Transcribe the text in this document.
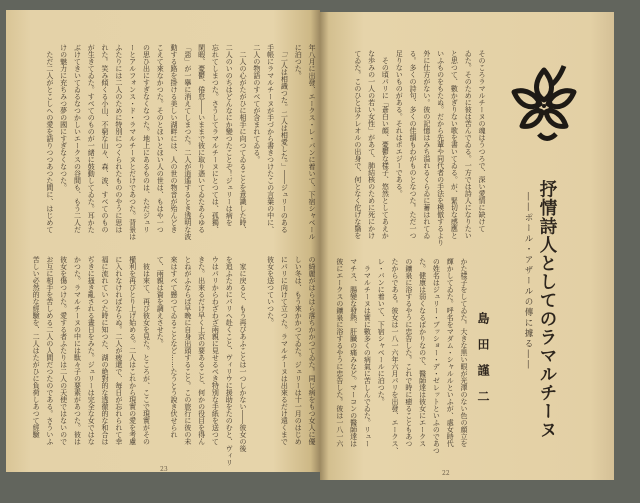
年八月に出發、エークス・レ・バンに着いて、下宿シャベール
に泊つた。
　「二人は相識つた。二人は相愛した。」――ジュリーのある
手帳にラマルチーヌが手づから書きつけたこの言葉の中に、
二人の物語のすべてが含まれてゐる。
　二人の心がたがひに相手に向つてゐることを意識した時、
二人のいのちはどんなにか變つたことぞ！ジュリーは病を
忘れてしまつた。さうしてラマルチーヌにとつては、孤獨、
閑暇、憂鬱、倦怠――いままで彼に取り憑いてゐたあらゆる
「惡」が一擧に消えてしまつた。二人が逍遙するとき透明な波
動する路を掛ける美しい湖畔には、人の世の物音が殆んどき
こえて來なかつた。そのとほいとほい人の世は、もはや一つ
の思ひ出にすぎなくなつた。地上にあるものは、ただジュリ
ーとアルフォンス・ド・ラマルチーヌとだけであつた。背景は
ふたりには二人のために特別につくられたもののやうに思は
れた。笑み傾くる小山、不窮な山々、森、波、すべてのもの
が生きてゐた。すべてのものが一緒に鼓動してゐた。耳かた
ぶけてきいてゐるなつかしいエークスの谷間も、もう二人だ
けの魅力に充ちみつ夢の國にすぎなくなつた。
　ただ二人がとこしへの愛を語りつつあつた間に、はじめて
の綺麗がはらはら落ちかかつてゐた。同じ病をもつ女人に優
しい冬は、もう來かかつてゐた。ジュリーは十一月のはじめ
にパリに向けて立つた。ラマルチーヌは出來るだけ遠くまで
彼女を送つていつた。
　家に戻ると、もう再びあふことは一つしかない――彼女の後
を追ふためにパリへ赴くこと、ヴィリウに援助をたのむと、ヴィリ
ウはパリからわざわざ兩親に見せるべき特別な手紙を送つて
きた。出來るだけ早く上京の要あること、何かの役目を得ん
とねがふならば早晩に自身出頭すること。この旅行に彼の未
來はすべて懸つてゐることなど……たうとう說き伏せられ
て、兩親は資を調えさせた。
　彼は來て、再び彼女を見た。ところが、ここで現實がその
權利を再びとり上げ始める。二人はこれから現實の愛を考慮
に入れなければならぬ。二人が疲還で、毎日が忘れられて幸
福に流れていつた時に知つた、湖の絶對的な透徹的な和合は
ぢきに搔き亂される晝日をみた。ジュリーは完全な女ではな
かつた。ラマルチーヌの中には駄々子の要素があつた。彼は
彼女を傷つけた。愛する者ふたりは二人の天使ではないので
お互に相手を苦しめる二人の人間だつたのである。さういふ
苦しい必然的な經驗を、二人はたがひに負荷しあつて經驗
23
抒情詩人としてのラマルチーヌ
――ポール・アザールの傳に據る――
島田謹二
そのころラマルチーヌの魂はうつろで、深い愛情に缺けて
ゐた。そのために彼は苦んでゐる。一方では詩人になりたい
と思つて、數かぎりない歌を書いてゐる。が、緊切な感應と
いふものをもたぬ。だから先輩や同代者の手法を模倣するより
外に仕方がない。彼の記憶はみち溢れるくらゐに蓄はれてゐ
る。多くの詩句、多くの佳韻もわがものとなつた。ただ一つ
足りないものがある。それはポエジーである。
　その頃パリに「蒼白い顔、憂鬱な樣子、悠然としてあえか
な歩みの一人の若い女性」があて、肺結核のために死にかけ
てゐた。このひとはクレオルの出身で、何となく佗げな翳を
かた樣子をしてゐた。大きな黒い眼が光澤のない色の顔立を
輝かしてゐた。呼名をマダム・シャルルといふが、處女時代
の姓名はジュリー・ブッショー・デ・ゼレットといふのであつ
た。健康は弱くなるばかりなので、醫師達は彼女にエークス
の鑛泉に浴するやうに忠告した。これで時に癒ることもあつ
たからである。彼女は一八一六年六月パリを出發、エークス、
レ・バンに着いて、下宿シャベールに泊つた。
　ラマルチーヌは實に數多くの病氣に苦しんでゐた。リュー
マチス、腸變な發熱、肝臓の痛みなど。マーコンの醫師達は
彼にエークスの鑛泉に浴するやうに忠告した。彼は一八一六
22
